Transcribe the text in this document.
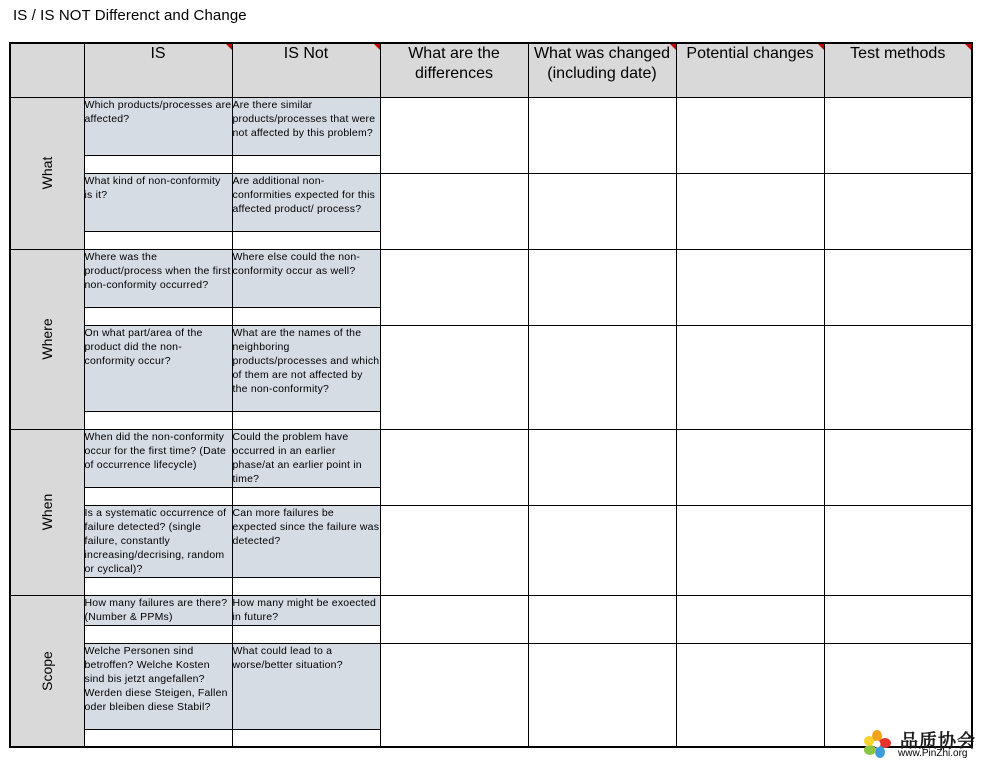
IS / IS NOT Differenct and Change
	IS	IS Not	What are the differences	What was changed (including date)	Potential changes	Test methods

What	Which products/processes are affected?	Are there similar products/processes that were not affected by this problem?				

	What kind of non-conformity is it?	Are additional non-conformities expected for this affected product/ process?				

Where	Where was the product/process when the first non-conformity occurred?	Where else could the non-conformity occur as well?				

	On what part/area of the product did the non-conformity occur?	What are the names of the neighboring products/processes and which of them are not affected by the non-conformity?				

When	When did the non-conformity occur for the first time? (Date of occurrence lifecycle)	Could the problem have occurred in an earlier phase/at an earlier point in time?				

	Is a systematic occurrence of failure detected? (single failure, constantly increasing/decrising, random or cyclical)?	Can more failures be expected since the failure was detected?				

Scope	How many failures are there? (Number & PPMs)	How many might be exoected in future?				

	Welche Personen sind betroffen? Welche Kosten sind bis jetzt angefallen? Werden diese Steigen, Fallen oder bleiben diese Stabil?	What could lead to a worse/better situation?				

品质协会
www.PinZhi.org
